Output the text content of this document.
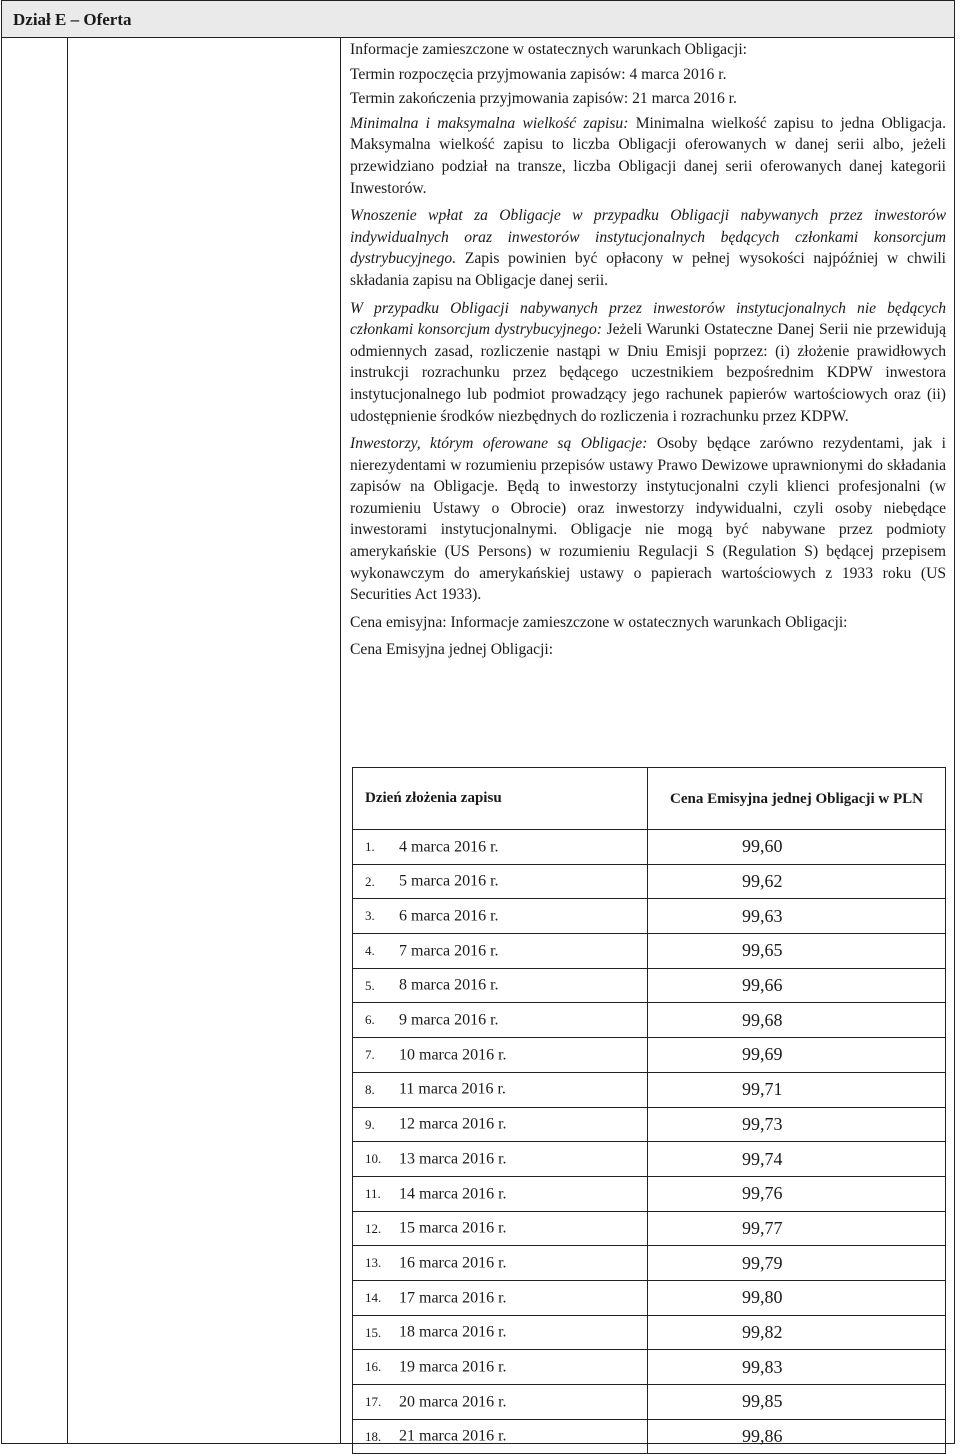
Dział E – Oferta

Informacje zamieszczone w ostatecznych warunkach Obligacji:

Termin rozpoczęcia przyjmowania zapisów: 4 marca 2016 r.

Termin zakończenia przyjmowania zapisów: 21 marca 2016 r.

Minimalna i maksymalna wielkość zapisu: Minimalna wielkość zapisu to jedna Obligacja. Maksymalna wielkość zapisu to liczba Obligacji oferowanych w danej serii albo, jeżeli przewidziano podział na transze, liczba Obligacji danej serii oferowanych danej kategorii Inwestorów.

Wnoszenie wpłat za Obligacje w przypadku Obligacji nabywanych przez inwestorów indywidualnych oraz inwestorów instytucjonalnych będących członkami konsorcjum dystrybucyjnego. Zapis powinien być opłacony w pełnej wysokości najpóźniej w chwili składania zapisu na Obligacje danej serii.

W przypadku Obligacji nabywanych przez inwestorów instytucjonalnych nie będących członkami konsorcjum dystrybucyjnego: Jeżeli Warunki Ostateczne Danej Serii nie przewidują odmiennych zasad, rozliczenie nastąpi w Dniu Emisji poprzez: (i) złożenie prawidłowych instrukcji rozrachunku przez będącego uczestnikiem bezpośrednim KDPW inwestora instytucjonalnego lub podmiot prowadzący jego rachunek papierów wartościowych oraz (ii) udostępnienie środków niezbędnych do rozliczenia i rozrachunku przez KDPW.

Inwestorzy, którym oferowane są Obligacje: Osoby będące zarówno rezydentami, jak i nierezydentami w rozumieniu przepisów ustawy Prawo Dewizowe uprawnionymi do składania zapisów na Obligacje. Będą to inwestorzy instytucjonalni czyli klienci profesjonalni (w rozumieniu Ustawy o Obrocie) oraz inwestorzy indywidualni, czyli osoby niebędące inwestorami instytucjonalnymi. Obligacje nie mogą być nabywane przez podmioty amerykańskie (US Persons) w rozumieniu Regulacji S (Regulation S) będącej przepisem wykonawczym do amerykańskiej ustawy o papierach wartościowych z 1933 roku (US Securities Act 1933).

Cena emisyjna: Informacje zamieszczone w ostatecznych warunkach Obligacji:

Cena Emisyjna jednej Obligacji:

Dzień złożenia zapisu	Cena Emisyjna jednej Obligacji w PLN
1. 4 marca 2016 r.	99,60
2. 5 marca 2016 r.	99,62
3. 6 marca 2016 r.	99,63
4. 7 marca 2016 r.	99,65
5. 8 marca 2016 r.	99,66
6. 9 marca 2016 r.	99,68
7. 10 marca 2016 r.	99,69
8. 11 marca 2016 r.	99,71
9. 12 marca 2016 r.	99,73
10. 13 marca 2016 r.	99,74
11. 14 marca 2016 r.	99,76
12. 15 marca 2016 r.	99,77
13. 16 marca 2016 r.	99,79
14. 17 marca 2016 r.	99,80
15. 18 marca 2016 r.	99,82
16. 19 marca 2016 r.	99,83
17. 20 marca 2016 r.	99,85
18. 21 marca 2016 r.	99,86
